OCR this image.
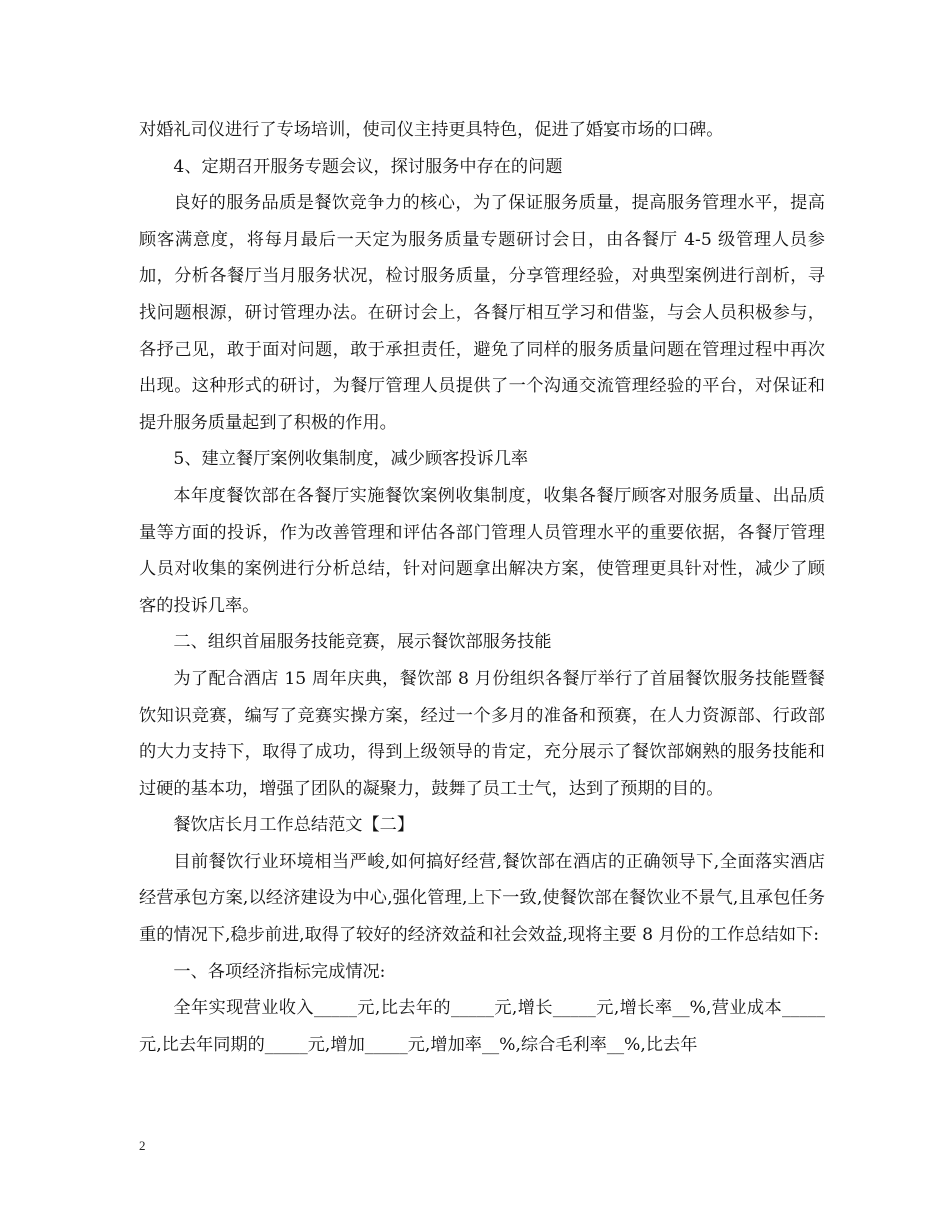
对婚礼司仪进行了专场培训，使司仪主持更具特色，促进了婚宴市场的口碑。

4、定期召开服务专题会议，探讨服务中存在的问题

良好的服务品质是餐饮竞争力的核心，为了保证服务质量，提高服务管理水平，提高顾客满意度，将每月最后一天定为服务质量专题研讨会日，由各餐厅 4-5 级管理人员参加，分析各餐厅当月服务状况，检讨服务质量，分享管理经验，对典型案例进行剖析，寻找问题根源，研讨管理办法。在研讨会上，各餐厅相互学习和借鉴，与会人员积极参与，各抒己见，敢于面对问题，敢于承担责任，避免了同样的服务质量问题在管理过程中再次出现。这种形式的研讨，为餐厅管理人员提供了一个沟通交流管理经验的平台，对保证和提升服务质量起到了积极的作用。

5、建立餐厅案例收集制度，减少顾客投诉几率

本年度餐饮部在各餐厅实施餐饮案例收集制度，收集各餐厅顾客对服务质量、出品质量等方面的投诉，作为改善管理和评估各部门管理人员管理水平的重要依据，各餐厅管理人员对收集的案例进行分析总结，针对问题拿出解决方案，使管理更具针对性，减少了顾客的投诉几率。

二、组织首届服务技能竞赛，展示餐饮部服务技能

为了配合酒店 15 周年庆典，餐饮部 8 月份组织各餐厅举行了首届餐饮服务技能暨餐饮知识竞赛，编写了竞赛实操方案，经过一个多月的准备和预赛，在人力资源部、行政部的大力支持下，取得了成功，得到上级领导的肯定，充分展示了餐饮部娴熟的服务技能和过硬的基本功，增强了团队的凝聚力，鼓舞了员工士气，达到了预期的目的。

餐饮店长月工作总结范文【二】

目前餐饮行业环境相当严峻,如何搞好经营,餐饮部在酒店的正确领导下,全面落实酒店经营承包方案,以经济建设为中心,强化管理,上下一致,使餐饮部在餐饮业不景气,且承包任务重的情况下,稳步前进,取得了较好的经济效益和社会效益,现将主要 8 月份的工作总结如下:

一、各项经济指标完成情况:

全年实现营业收入_____元,比去年的_____元,增长_____元,增长率__%,营业成本_____元,比去年同期的_____元,增加_____元,增加率__%,综合毛利率__%,比去年

2
